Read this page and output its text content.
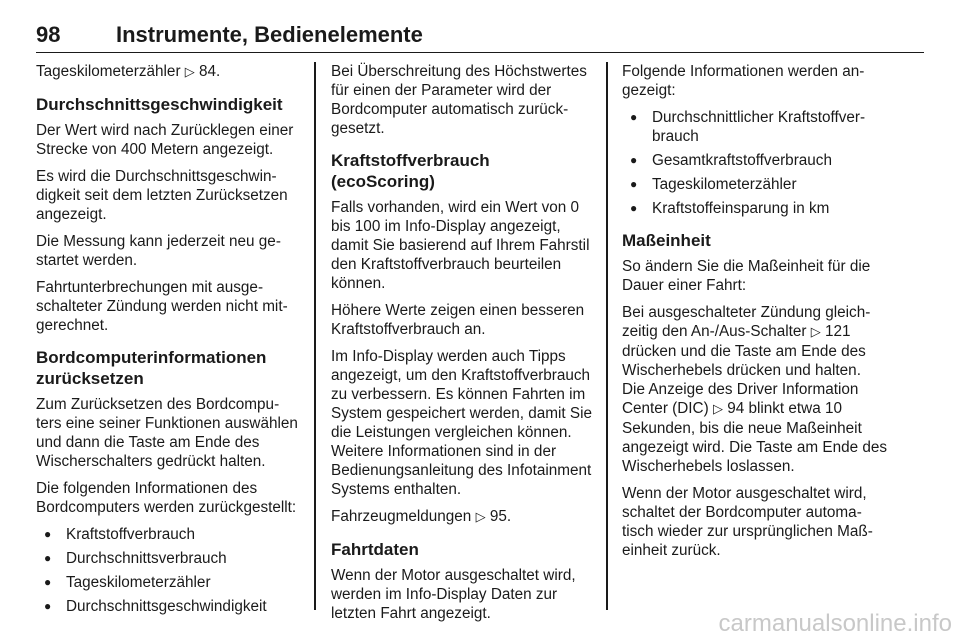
98	Instrumente, Bedienelemente

Tageskilometerzähler ▷ 84.

Durchschnittsgeschwindigkeit

Der Wert wird nach Zurücklegen einer Strecke von 400 Metern angezeigt.

Es wird die Durchschnittsgeschwindigkeit seit dem letzten Zurücksetzen angezeigt.

Die Messung kann jederzeit neu gestartet werden.

Fahrtunterbrechungen mit ausgeschalteter Zündung werden nicht mitgerechnet.

Bordcomputerinformationen zurücksetzen

Zum Zurücksetzen des Bordcomputers eine seiner Funktionen auswählen und dann die Taste am Ende des Wischerschalters gedrückt halten.

Die folgenden Informationen des Bordcomputers werden zurückgestellt:

● Kraftstoffverbrauch
● Durchschnittsverbrauch
● Tageskilometerzähler
● Durchschnittsgeschwindigkeit

Bei Überschreitung des Höchstwertes für einen der Parameter wird der Bordcomputer automatisch zurückgesetzt.

Kraftstoffverbrauch (ecoScoring)

Falls vorhanden, wird ein Wert von 0 bis 100 im Info-Display angezeigt, damit Sie basierend auf Ihrem Fahrstil den Kraftstoffverbrauch beurteilen können.

Höhere Werte zeigen einen besseren Kraftstoffverbrauch an.

Im Info-Display werden auch Tipps angezeigt, um den Kraftstoffverbrauch zu verbessern. Es können Fahrten im System gespeichert werden, damit Sie die Leistungen vergleichen können. Weitere Informationen sind in der Bedienungsanleitung des Infotainment Systems enthalten.

Fahrzeugmeldungen ▷ 95.

Fahrtdaten

Wenn der Motor ausgeschaltet wird, werden im Info-Display Daten zur letzten Fahrt angezeigt.

Folgende Informationen werden angezeigt:

● Durchschnittlicher Kraftstoffverbrauch
● Gesamtkraftstoffverbrauch
● Tageskilometerzähler
● Kraftstoffeinsparung in km
Maßeinheit

So ändern Sie die Maßeinheit für die Dauer einer Fahrt:

Bei ausgeschalteter Zündung gleichzeitig den An-/Aus-Schalter ▷ 121 drücken und die Taste am Ende des Wischerhebels drücken und halten. Die Anzeige des Driver Information Center (DIC) ▷ 94 blinkt etwa 10 Sekunden, bis die neue Maßeinheit angezeigt wird. Die Taste am Ende des Wischerhebels loslassen.

Wenn der Motor ausgeschaltet wird, schaltet der Bordcomputer automatisch wieder zur ursprünglichen Maßeinheit zurück.

carmanualsonline.info
